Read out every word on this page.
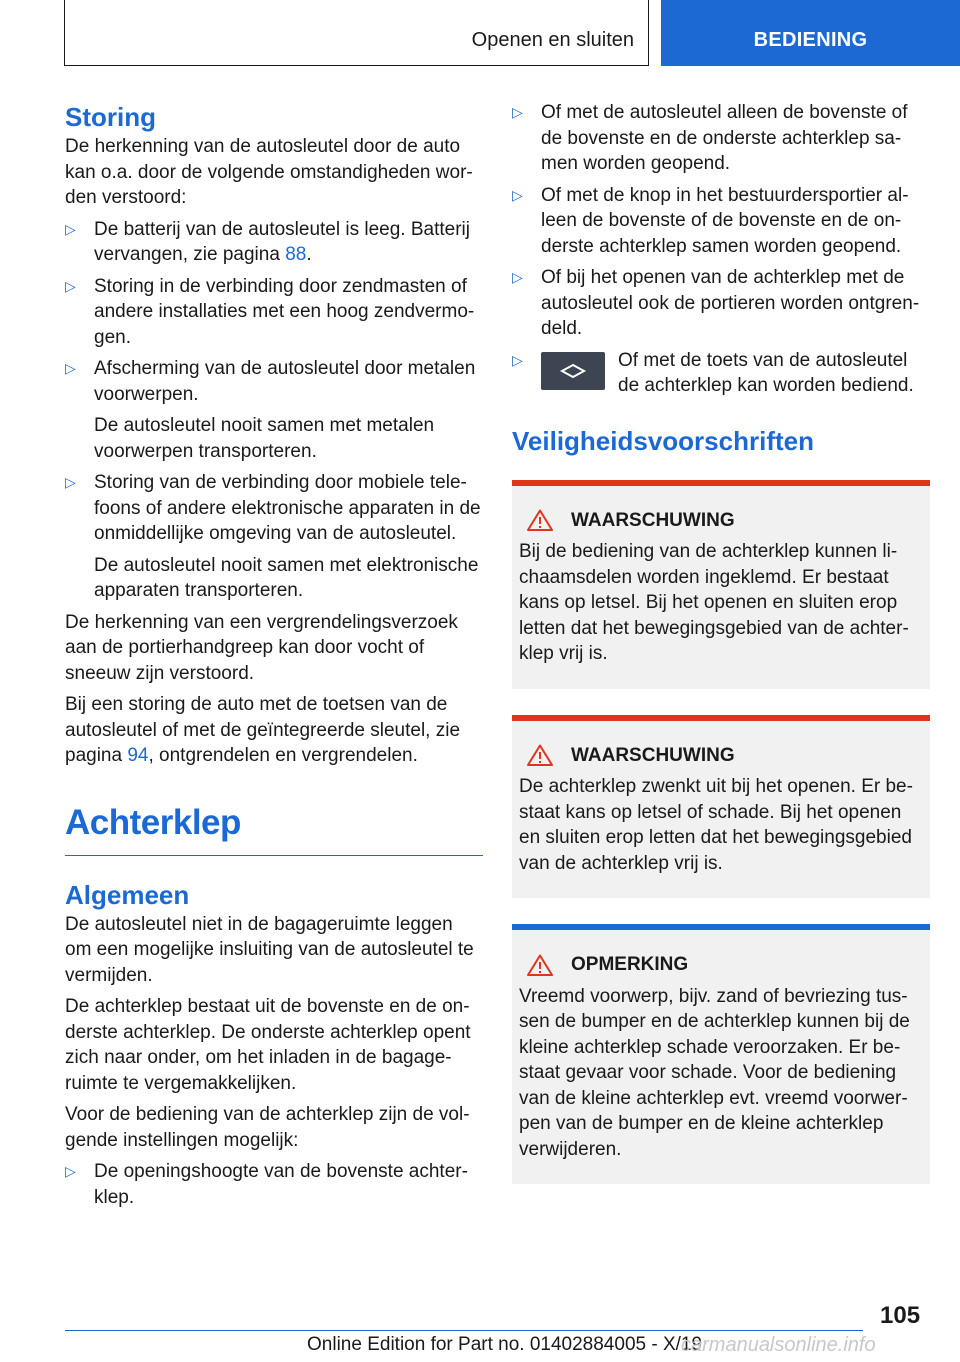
Openen en sluiten	BEDIENING
Storing

De herkenning van de autosleutel door de auto kan o.a. door de volgende omstandigheden worden verstoord:

▷ De batterij van de autosleutel is leeg. Batterij vervangen, zie pagina 88.
▷ Storing in de verbinding door zendmasten of andere installaties met een hoog zendvermogen.
▷ Afscherming van de autosleutel door metalen voorwerpen.
De autosleutel nooit samen met metalen voorwerpen transporteren.
▷ Storing van de verbinding door mobiele telefoons of andere elektronische apparaten in de onmiddellijke omgeving van de autosleutel.
De autosleutel nooit samen met elektronische apparaten transporteren.

De herkenning van een vergrendelingsverzoek aan de portierhandgreep kan door vocht of sneeuw zijn verstoord.

Bij een storing de auto met de toetsen van de autosleutel of met de geïntegreerde sleutel, zie pagina 94, ontgrendelen en vergrendelen.

Achterklep
Algemeen

De autosleutel niet in de bagageruimte leggen om een mogelijke insluiting van de autosleutel te vermijden.

De achterklep bestaat uit de bovenste en de onderste achterklep. De onderste achterklep opent zich naar onder, om het inladen in de bagageruimte te vergemakkelijken.

Voor de bediening van de achterklep zijn de volgende instellingen mogelijk:

▷ De openingshoogte van de bovenste achterklep.
▷ Of met de autosleutel alleen de bovenste of de bovenste en de onderste achterklep samen worden geopend.
▷ Of met de knop in het bestuurdersportier alleen de bovenste of de bovenste en de onderste achterklep samen worden geopend.
▷ Of bij het openen van de achterklep met de autosleutel ook de portieren worden ontgrendeld.
▷	Of met de toets van de autosleutel de achterklep kan worden bediend.
Veiligheidsvoorschriften
WAARSCHUWING
Bij de bediening van de achterklep kunnen lichaamsdelen worden ingeklemd. Er bestaat kans op letsel. Bij het openen en sluiten erop letten dat het bewegingsgebied van de achterklep vrij is.
WAARSCHUWING
De achterklep zwenkt uit bij het openen. Er bestaat kans op letsel of schade. Bij het openen en sluiten erop letten dat het bewegingsgebied van de achterklep vrij is.
OPMERKING
Vreemd voorwerp, bijv. zand of bevriezing tussen de bumper en de achterklep kunnen bij de kleine achterklep schade veroorzaken. Er bestaat gevaar voor schade. Voor de bediening van de kleine achterklep evt. vreemd voorwerpen van de bumper en de kleine achterklep verwijderen.
105
Online Edition for Part no. 01402884005 - X/19
carmanualsonline.info
